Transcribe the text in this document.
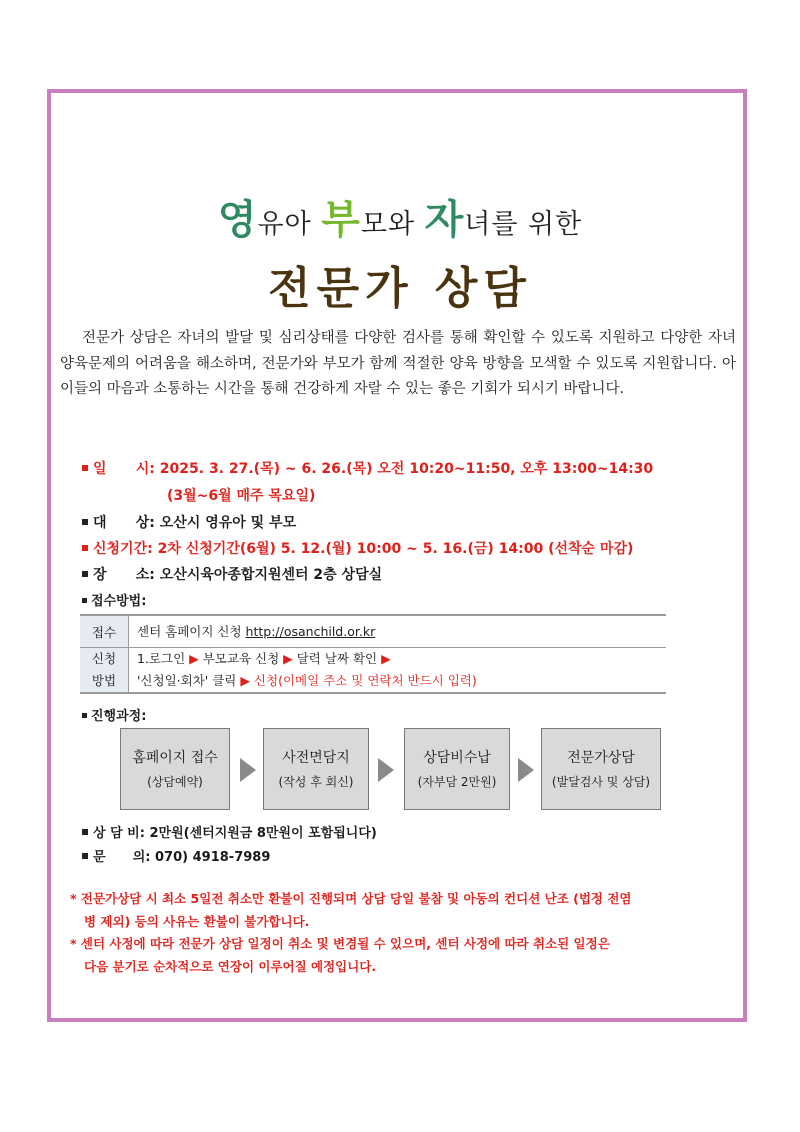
영유아 부모와 자녀를 위한
전문가 상담
전문가 상담은 자녀의 발달 및 심리상태를 다양한 검사를 통해 확인할 수 있도록 지원하고 다양한 자녀 양육문제의 어려움을 해소하며, 전문가와 부모가 함께 적절한 양육 방향을 모색할 수 있도록 지원합니다. 아이들의 마음과 소통하는 시간을 통해 건강하게 자랄 수 있는 좋은 기회가 되시기 바랍니다.
일      시: 2025. 3. 27.(목) ~ 6. 26.(목) 오전 10:20~11:50, 오후 13:00~14:30
(3월~6월 매주 목요일)
대      상: 오산시 영유아 및 부모
신청기간: 2차 신청기간(6월) 5. 12.(월) 10:00 ~ 5. 16.(금) 14:00 (선착순 마감)
장      소: 오산시육아종합지원센터 2층 상담실
접수방법:
접수	센터 홈페이지 신청 http://osanchild.or.kr
신청
방법	1.로그인 ▶ 부모교육 신청 ▶ 달력 날짜 확인 ▶
'신청일·회차' 클릭 ▶ 신청(이메일 주소 및 연락처 반드시 입력)
진행과정:
홈페이지 접수
(상담예약)
사전면담지
(작성 후 회신)
상담비수납
(자부담 2만원)
전문가상담
(발달검사 및 상담)
상 담 비: 2만원(센터지원금 8만원이 포함됩니다)
문      의: 070) 4918-7989
* 전문가상담 시 최소 5일전 취소만 환불이 진행되며 상담 당일 불참 및 아동의 컨디션 난조 (법정 전염
병 제외) 등의 사유는 환불이 불가합니다.
* 센터 사정에 따라 전문가 상담 일정이 취소 및 변경될 수 있으며, 센터 사정에 따라 취소된 일정은
다음 분기로 순차적으로 연장이 이루어질 예정입니다.
